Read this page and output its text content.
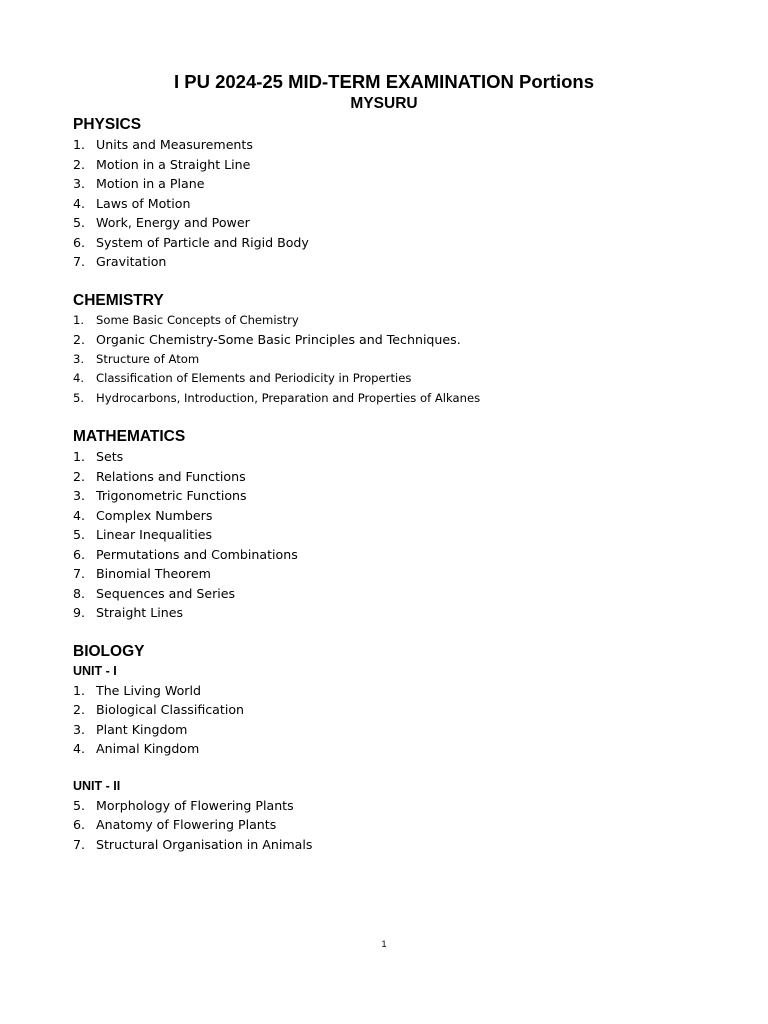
I PU 2024-25 MID-TERM EXAMINATION Portions
MYSURU
PHYSICS
1. Units and Measurements
2. Motion in a Straight Line
3. Motion in a Plane
4. Laws of Motion
5. Work, Energy and Power
6. System of Particle and Rigid Body
7. Gravitation
CHEMISTRY
1.	Some Basic Concepts of Chemistry
2. Organic Chemistry-Some Basic Principles and Techniques.
3.	Structure of Atom
4.	Classification of Elements and Periodicity in Properties
5.	Hydrocarbons, Introduction, Preparation and Properties of Alkanes
MATHEMATICS
1. Sets
2. Relations and Functions
3. Trigonometric Functions
4. Complex Numbers
5. Linear Inequalities
6. Permutations and Combinations
7. Binomial Theorem
8. Sequences and Series
9. Straight Lines
BIOLOGY
UNIT - I
1. The Living World
2. Biological Classification
3. Plant Kingdom
4. Animal Kingdom
UNIT - II
5. Morphology of Flowering Plants
6. Anatomy of Flowering Plants
7. Structural Organisation in Animals
1
